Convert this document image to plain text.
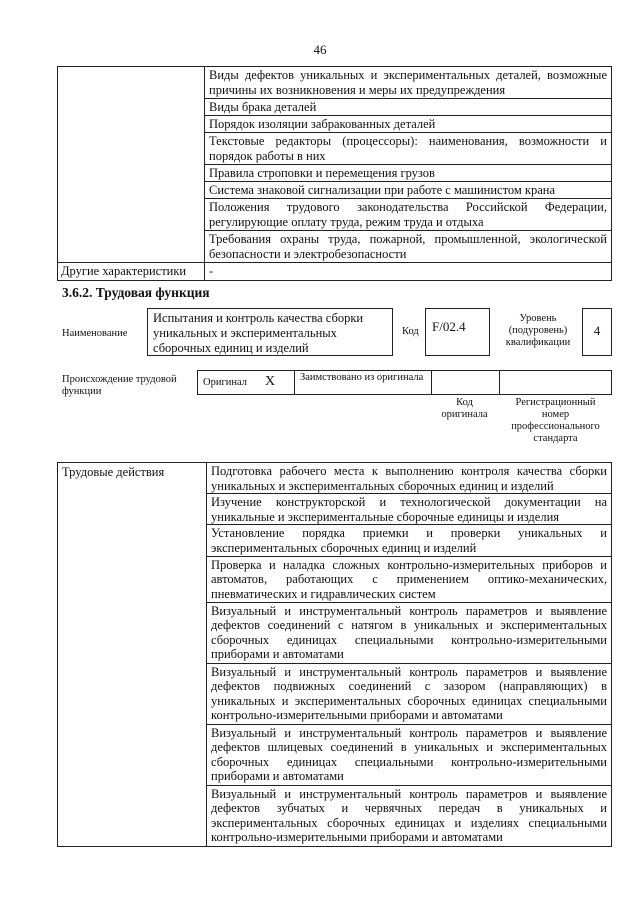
46
	Виды дефектов уникальных и экспериментальных деталей, возможные причины их возникновения и меры их предупреждения
	Виды брака деталей
	Порядок изоляции забракованных деталей
	Текстовые редакторы (процессоры): наименования, возможности и порядок работы в них
	Правила строповки и перемещения грузов
	Система знаковой сигнализации при работе с машинистом крана
	Положения трудового законодательства Российской Федерации, регулирующие оплату труда, режим труда и отдыха
	Требования охраны труда, пожарной, промышленной, экологической безопасности и электробезопасности
Другие характеристики	-
3.6.2. Трудовая функция
Наименование
Испытания и контроль качества сборки уникальных и экспериментальных сборочных единиц и изделий
Код	F/02.4
Уровень (подуровень) квалификации
4
Происхождение трудовой функции
Оригинал X Заимствовано из оригинала
Код оригинала
Регистрационный номер профессионального стандарта
Трудовые действия	Подготовка рабочего места к выполнению контроля качества сборки уникальных и экспериментальных сборочных единиц и изделий
Изучение конструкторской и технологической документации на уникальные и экспериментальные сборочные единицы и изделия
Установление порядка приемки и проверки уникальных и экспериментальных сборочных единиц и изделий
Проверка и наладка сложных контрольно-измерительных приборов и автоматов, работающих с применением оптико-механических, пневматических и гидравлических систем
Визуальный и инструментальный контроль параметров и выявление дефектов соединений с натягом в уникальных и экспериментальных сборочных единицах специальными контрольно-измерительными приборами и автоматами
Визуальный и инструментальный контроль параметров и выявление дефектов подвижных соединений с зазором (направляющих) в уникальных и экспериментальных сборочных единицах специальными контрольно-измерительными приборами и автоматами
Визуальный и инструментальный контроль параметров и выявление дефектов шлицевых соединений в уникальных и экспериментальных сборочных единицах специальными контрольно-измерительными приборами и автоматами
Визуальный и инструментальный контроль параметров и выявление дефектов зубчатых и червячных передач в уникальных и экспериментальных сборочных единицах и изделиях специальными контрольно-измерительными приборами и автоматами
